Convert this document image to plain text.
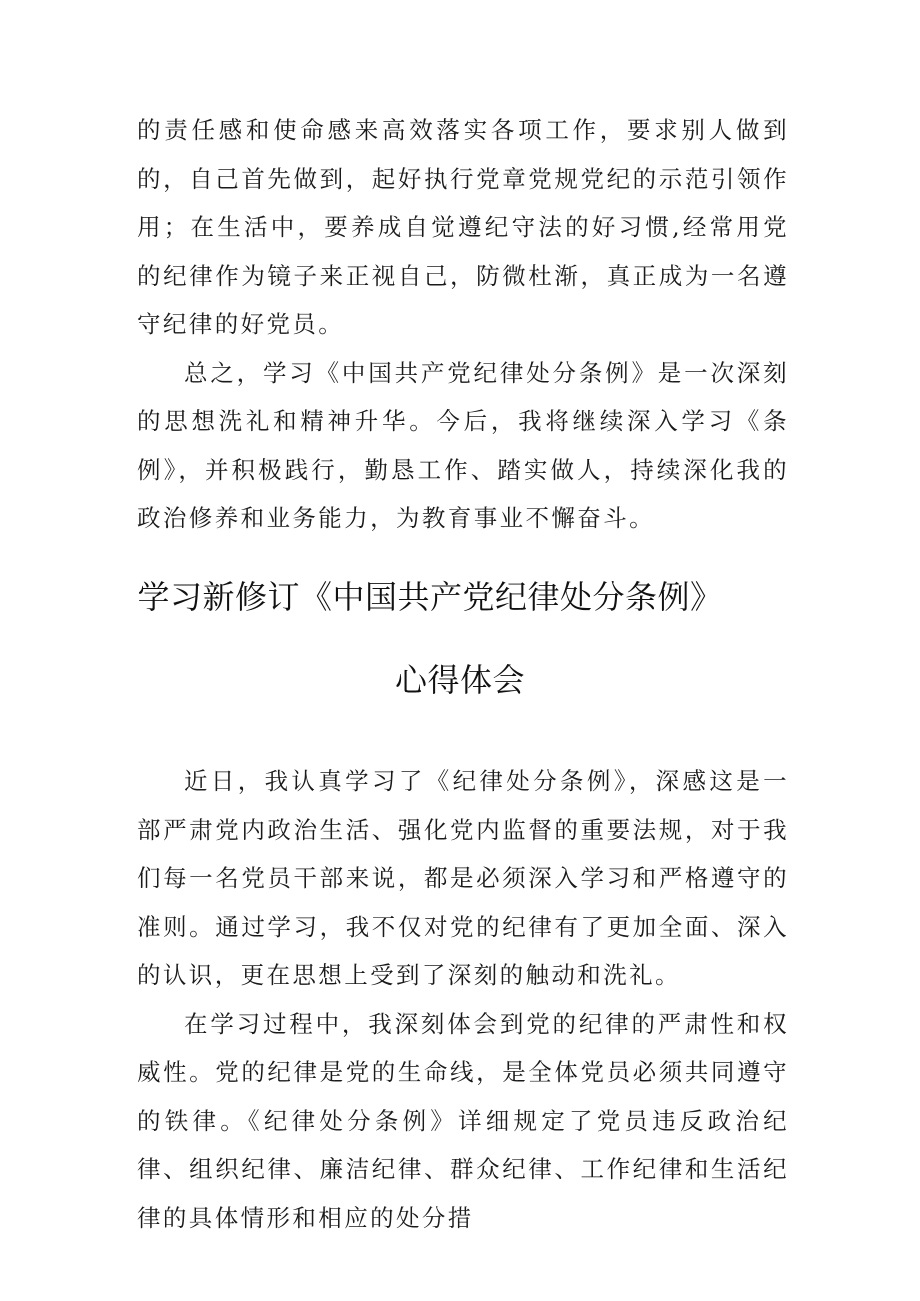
的责任感和使命感来高效落实各项工作，要求别人做到的，自己首先做到，起好执行党章党规党纪的示范引领作用；在生活中，要养成自觉遵纪守法的好习惯,经常用党的纪律作为镜子来正视自己，防微杜渐，真正成为一名遵守纪律的好党员。

总之，学习《中国共产党纪律处分条例》是一次深刻的思想洗礼和精神升华。今后，我将继续深入学习《条例》，并积极践行，勤恳工作、踏实做人，持续深化我的政治修养和业务能力，为教育事业不懈奋斗。

学习新修订《中国共产党纪律处分条例》
心得体会

近日，我认真学习了《纪律处分条例》，深感这是一部严肃党内政治生活、强化党内监督的重要法规，对于我们每一名党员干部来说，都是必须深入学习和严格遵守的准则。通过学习，我不仅对党的纪律有了更加全面、深入的认识，更在思想上受到了深刻的触动和洗礼。

在学习过程中，我深刻体会到党的纪律的严肃性和权威性。党的纪律是党的生命线，是全体党员必须共同遵守的铁律。《纪律处分条例》详细规定了党员违反政治纪律、组织纪律、廉洁纪律、群众纪律、工作纪律和生活纪律的具体情形和相应的处分措
